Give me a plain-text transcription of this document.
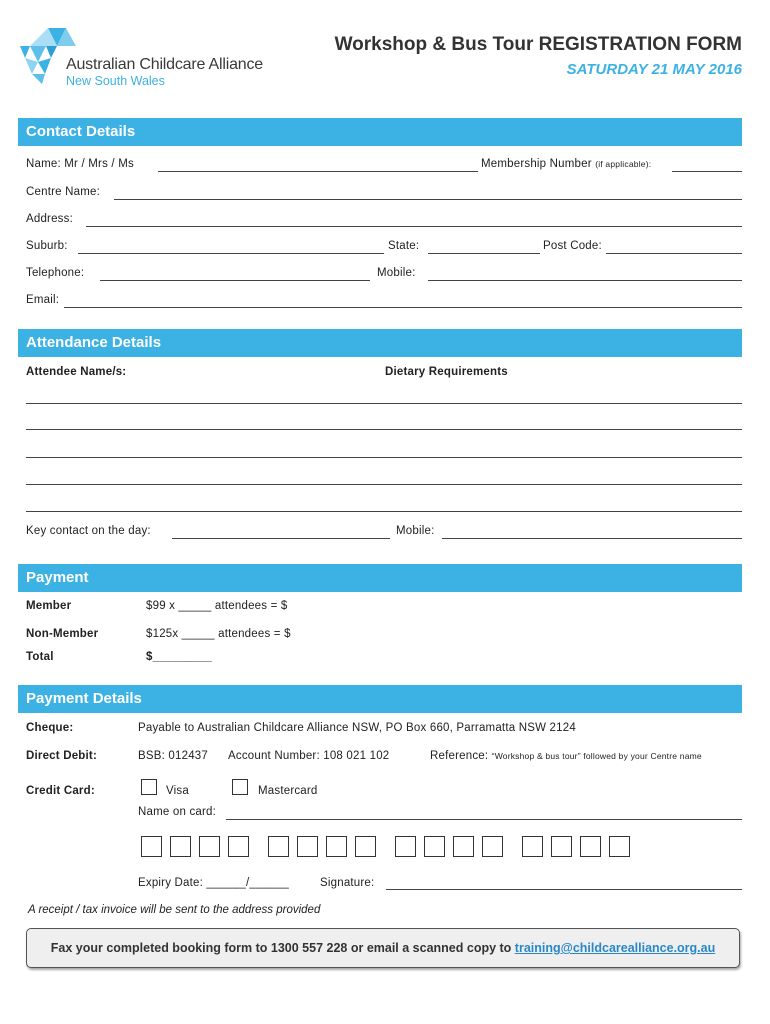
Australian Childcare Alliance
New South Wales
Workshop & Bus Tour REGISTRATION FORM
SATURDAY 21 MAY 2016
Contact Details
Name: Mr / Mrs / Ms	Membership Number (if applicable):
Centre Name:
Address:
Suburb:	State:	Post Code:
Telephone:	Mobile:
Email:
Attendance Details
Attendee Name/s:	Dietary Requirements
Key contact on the day:	Mobile:
Payment
Member	$99 x _____ attendees = $
Non-Member	$125x _____ attendees = $
Total	$_________
Payment Details
Cheque:	Payable to Australian Childcare Alliance NSW, PO Box 660, Parramatta NSW 2124
Direct Debit:	BSB: 012437 Account Number: 108 021 102	Reference: “Workshop & bus tour” followed by your Centre name
Credit Card:	Visa	Mastercard
Name on card:
Expiry Date: ______/______	Signature:
A receipt / tax invoice will be sent to the address provided
Fax your completed booking form to 1300 557 228 or email a scanned copy to training@childcarealliance.org.au
